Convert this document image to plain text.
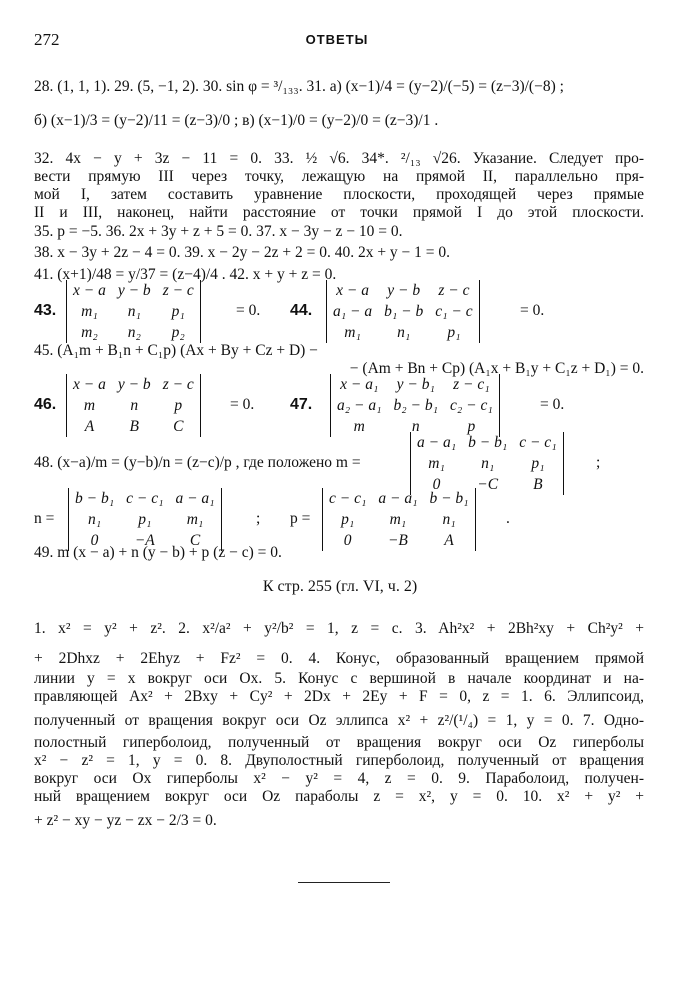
272	ОТВЕТЫ
28. (1, 1, 1). 29. (5, −1, 2). 30. sin φ = ³/₁₃₃. 31. а) (x−1)/4 = (y−2)/(−5) = (z−3)/(−8) ;
б) (x−1)/3 = (y−2)/11 = (z−3)/0 ; в) (x−1)/0 = (y−2)/0 = (z−3)/1 .
32. 4x − y + 3z − 11 = 0. 33. ½ √6. 34*. ²/₁₃ √26. Указание. Следует про-
вести прямую III через точку, лежащую на прямой II, параллельно пря-
мой I, затем составить уравнение плоскости, проходящей через прямые
II и III, наконец, найти расстояние от точки прямой I до этой плоскости.
35. p = −5. 36. 2x + 3y + z + 5 = 0. 37. x − 3y − z − 10 = 0.
38. x − 3y + 2z − 4 = 0. 39. x − 2y − 2z + 2 = 0. 40. 2x + y − 1 = 0.
41. (x+1)/48 = y/37 = (z−4)/4 . 42. x + y + z = 0.
43.
x − a	y − b	z − c
m₁	n₁	p₁
m₂	n₂	p₂
= 0. 44.
x − a	y − b	z − c
a₁ − a	b₁ − b	c₁ − c
m₁	n₁	p₁
= 0.
45. (A₁m + B₁n + C₁p) (Ax + By + Cz + D) −
− (Am + Bn + Cp) (A₁x + B₁y + C₁z + D₁) = 0.
46.
x − a	y − b	z − c
m	n	p
A	B	C
= 0. 47.
x − a₁	y − b₁	z − c₁
a₂ − a₁	b₂ − b₁	c₂ − c₁
m	n	p
= 0.
48. (x−a)/m = (y−b)/n = (z−c)/p , где положено m =
a − a₁	b − b₁	c − c₁
m₁	n₁	p₁
0	−C	B
;
n =
b − b₁	c − c₁	a − a₁
n₁	p₁	m₁
0	−A	C
; p =
c − c₁	a − a₁	b − b₁
p₁	m₁	n₁
0	−B	A
.
49. m (x − a) + n (y − b) + p (z − c) = 0.
К стр. 255 (гл. VI, ч. 2)
1. x² = y² + z². 2. x²/a² + y²/b² = 1, z = c. 3. Ah²x² + 2Bh²xy + Ch²y² +
+ 2Dhxz + 2Ehyz + Fz² = 0. 4. Конус, образованный вращением прямой
линии y = x вокруг оси Ox. 5. Конус с вершиной в начале координат и на-
правляющей Ax² + 2Bxy + Cy² + 2Dx + 2Ey + F = 0, z = 1. 6. Эллипсоид,
полученный от вращения вокруг оси Oz эллипса x² + z²/(¹/₄) = 1, y = 0. 7. Одно-
полостный гиперболоид, полученный от вращения вокруг оси Oz гиперболы
x² − z² = 1, y = 0. 8. Двуполостный гиперболоид, полученный от вращения
вокруг оси Ox гиперболы x² − y² = 4, z = 0. 9. Параболоид, получен-
ный вращением вокруг оси Oz параболы z = x², y = 0. 10. x² + y² +
+ z² − xy − yz − zx − 2/3 = 0.
